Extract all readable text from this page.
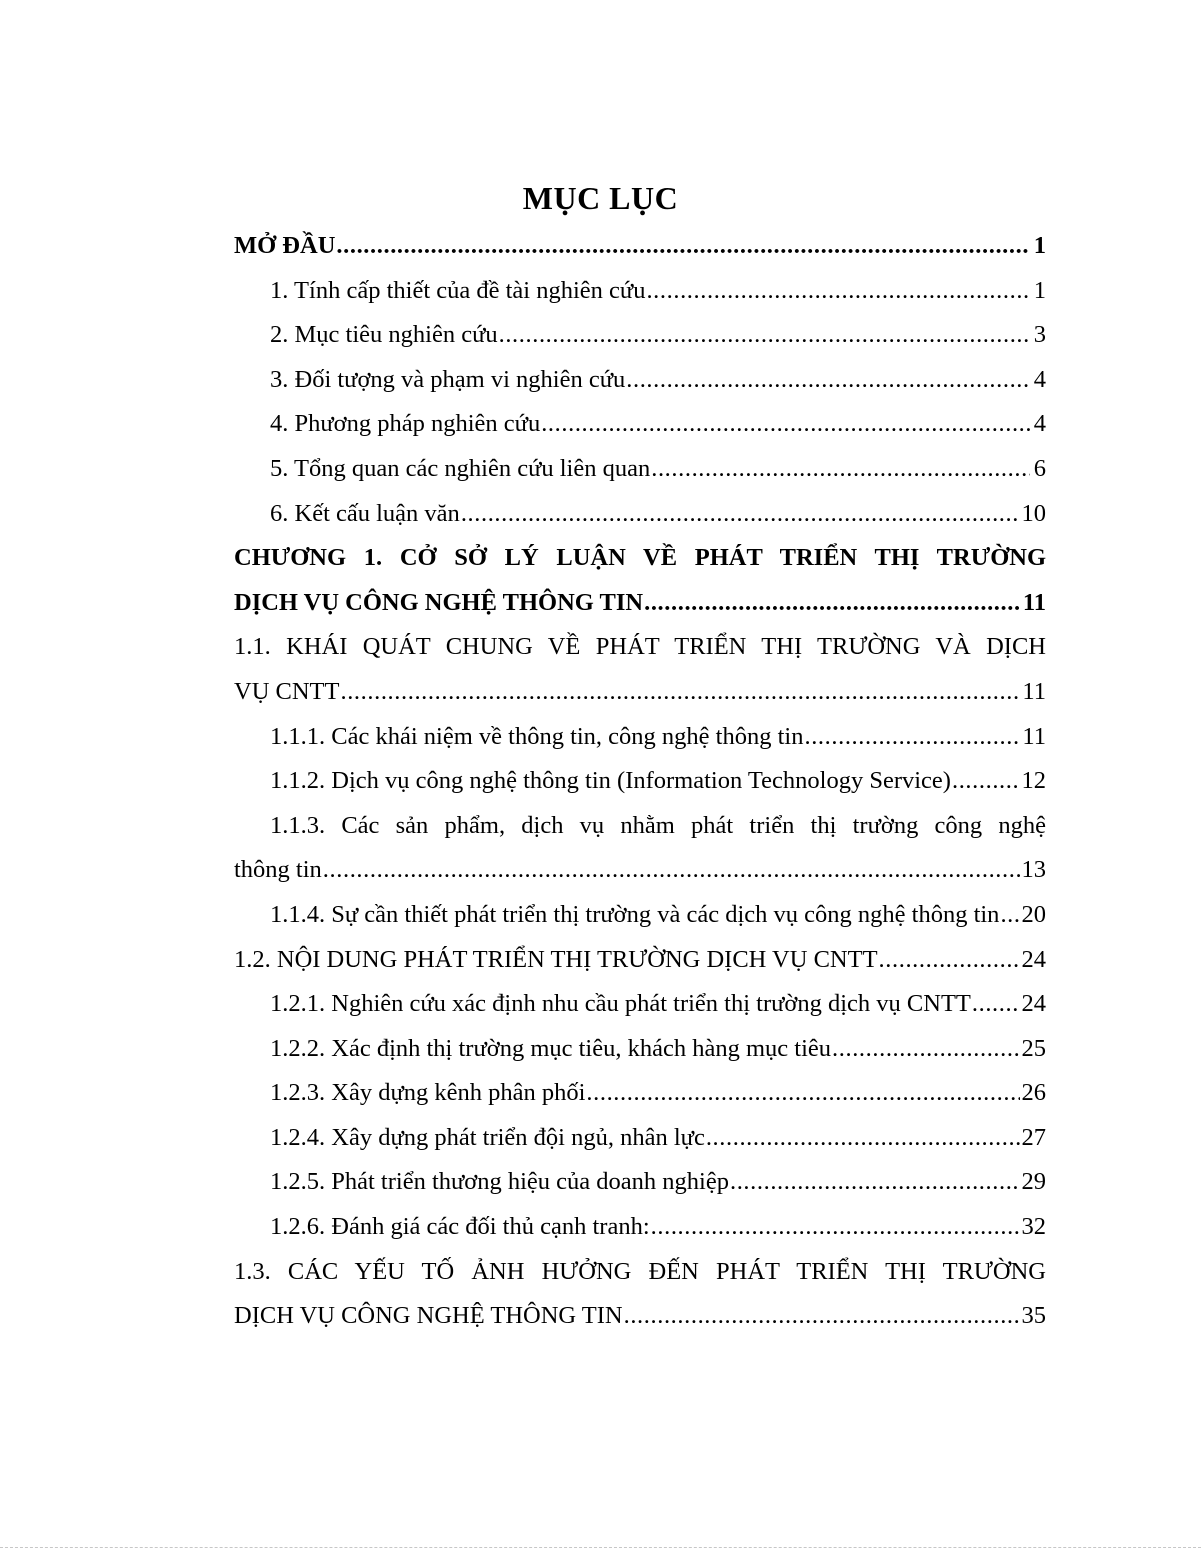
MỤC LỤC
MỞ ĐẦU .....	1
1. Tính cấp thiết của đề tài nghiên cứu .....	1
2. Mục tiêu nghiên cứu .....	3
3. Đối tượng và phạm vi nghiên cứu .....	4
4. Phương pháp nghiên cứu .....	4
5. Tổng quan các nghiên cứu liên quan .....	6
6. Kết cấu luận văn .....	10
CHƯƠNG 1. CỞ SỞ LÝ LUẬN VỀ PHÁT TRIỂN THỊ TRƯỜNG
DỊCH VỤ CÔNG NGHỆ THÔNG TIN .....	11
1.1. KHÁI QUÁT CHUNG VỀ PHÁT TRIỂN THỊ TRƯỜNG VÀ DỊCH
VỤ CNTT .....	11
1.1.1. Các khái niệm về thông tin, công nghệ thông tin .....	11
1.1.2. Dịch vụ công nghệ thông tin (Information Technology Service) .....	12
1.1.3. Các sản phẩm, dịch vụ nhằm phát triển thị trường công nghệ
thông tin .....	13
1.1.4. Sự cần thiết phát triển thị trường và các dịch vụ công nghệ thông tin ..... 20
1.2. NỘI DUNG PHÁT TRIỂN THỊ TRƯỜNG DỊCH VỤ CNTT .....	24
1.2.1. Nghiên cứu xác định nhu cầu phát triển thị trường dịch vụ CNTT ..... 24
1.2.2. Xác định thị trường mục tiêu, khách hàng mục tiêu .....	25
1.2.3. Xây dựng kênh phân phối .....	26
1.2.4. Xây dựng phát triển đội ngủ, nhân lực .....	27
1.2.5. Phát triển thương hiệu của doanh nghiệp .....	29
1.2.6. Đánh giá các đối thủ cạnh tranh: .....	32
1.3. CÁC YẾU TỐ ẢNH HƯỞNG ĐẾN PHÁT TRIỂN THỊ TRƯỜNG
DỊCH VỤ CÔNG NGHỆ THÔNG TIN .....	35
